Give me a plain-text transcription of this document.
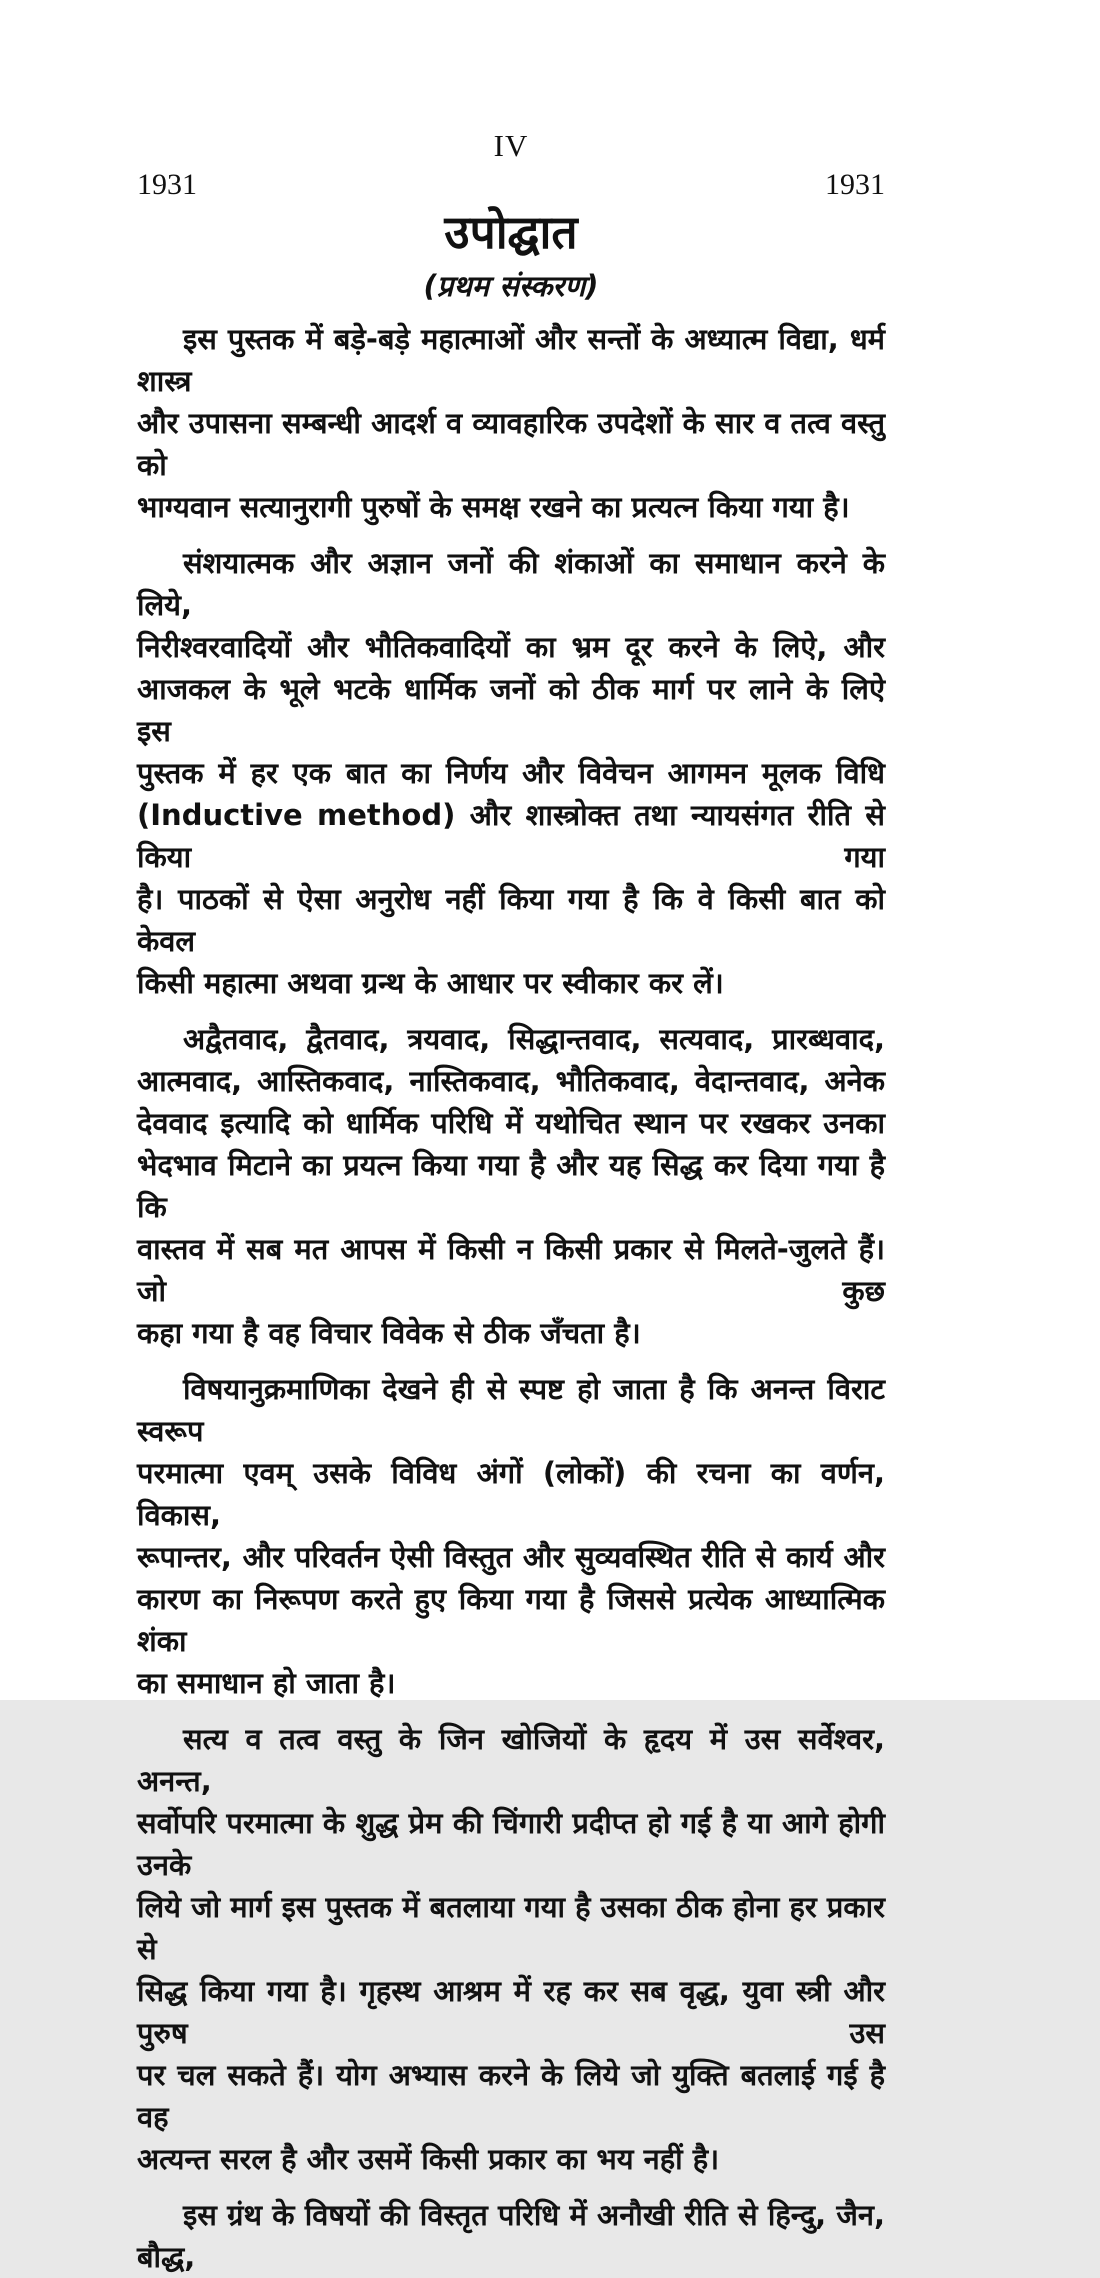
IV
1931	1931
उपोद्घात
(प्रथम संस्करण)
इस पुस्तक में बड़े-बड़े महात्माओं और सन्तों के अध्यात्म विद्या, धर्म शास्त्र
और उपासना सम्बन्धी आदर्श व व्यावहारिक उपदेशों के सार व तत्व वस्तु को
भाग्यवान सत्यानुरागी पुरुषों के समक्ष रखने का प्रत्यत्न किया गया है।
संशयात्मक और अज्ञान जनों की शंकाओं का समाधान करने के लिये,
निरीश्वरवादियों और भौतिकवादियों का भ्रम दूर करने के लिऐ, और
आजकल के भूले भटके धार्मिक जनों को ठीक मार्ग पर लाने के लिऐ इस
पुस्तक में हर एक बात का निर्णय और विवेचन आगमन मूलक विधि
(Inductive method) और शास्त्रोक्त तथा न्यायसंगत रीति से किया गया
है। पाठकों से ऐसा अनुरोध नहीं किया गया है कि वे किसी बात को केवल
किसी महात्मा अथवा ग्रन्थ के आधार पर स्वीकार कर लें।
अद्वैतवाद, द्वैतवाद, त्रयवाद, सिद्धान्तवाद, सत्यवाद, प्रारब्धवाद,
आत्मवाद, आस्तिकवाद, नास्तिकवाद, भौतिकवाद, वेदान्तवाद, अनेक
देववाद इत्यादि को धार्मिक परिधि में यथोचित स्थान पर रखकर उनका
भेदभाव मिटाने का प्रयत्न किया गया है और यह सिद्ध कर दिया गया है कि
वास्तव में सब मत आपस में किसी न किसी प्रकार से मिलते-जुलते हैं। जो कुछ
कहा गया है वह विचार विवेक से ठीक जँचता है।
विषयानुक्रमाणिका देखने ही से स्पष्ट हो जाता है कि अनन्त विराट स्वरूप
परमात्मा एवम् उसके विविध अंगों (लोकों) की रचना का वर्णन, विकास,
रूपान्तर, और परिवर्तन ऐसी विस्तुत और सुव्यवस्थित रीति से कार्य और
कारण का निरूपण करते हुए किया गया है जिससे प्रत्येक आध्यात्मिक शंका
का समाधान हो जाता है।
सत्य व तत्व वस्तु के जिन खोजियों के हृदय में उस सर्वेश्वर, अनन्त,
सर्वोपरि परमात्मा के शुद्ध प्रेम की चिंगारी प्रदीप्त हो गई है या आगे होगी उनके
लिये जो मार्ग इस पुस्तक में बतलाया गया है उसका ठीक होना हर प्रकार से
सिद्ध किया गया है। गृहस्थ आश्रम में रह कर सब वृद्ध, युवा स्त्री और पुरुष उस
पर चल सकते हैं। योग अभ्यास करने के लिये जो युक्ति बतलाई गई है वह
अत्यन्त सरल है और उसमें किसी प्रकार का भय नहीं है।
इस ग्रंथ के विषयों की विस्तृत परिधि में अनौखी रीति से हिन्दु, जैन, बौद्ध,
